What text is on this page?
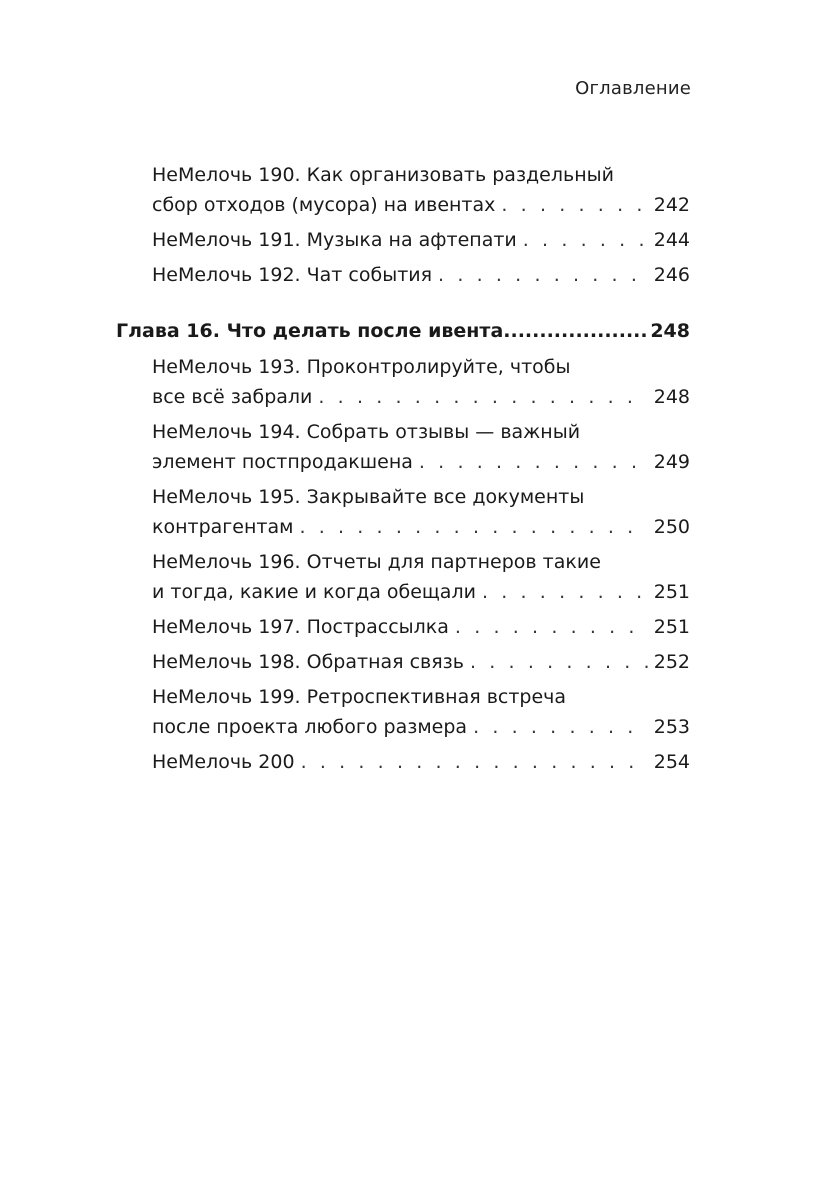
Оглавление
НеМелочь 190. Как организовать раздельный
сбор отходов (мусора) на ивентах . . .	242
НеМелочь 191. Музыка на афтепати . . .	244
НеМелочь 192. Чат события . . .	246
Глава 16. Что делать после ивента .....	248
НеМелочь 193. Проконтролируйте, чтобы
все всё забрали . . .	248
НеМелочь 194. Собрать отзывы — важный
элемент постпродакшена . . .	249
НеМелочь 195. Закрывайте все документы
контрагентам . . .	250
НеМелочь 196. Отчеты для партнеров такие
и тогда, какие и когда обещали . . .	251
НеМелочь 197. Пострассылка . . .	251
НеМелочь 198. Обратная связь . . .	252
НеМелочь 199. Ретроспективная встреча
после проекта любого размера . . .	253
НеМелочь 200 . . .	254
